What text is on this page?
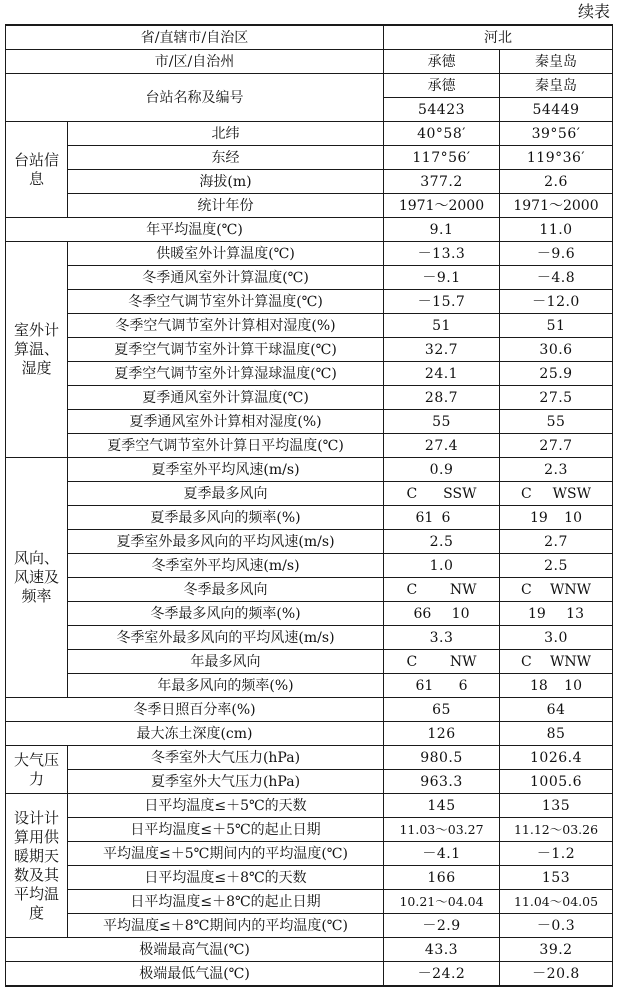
续表
省/直辖市/自治区		河北	
市/区/自治州		承德	秦皇岛
台站名称及编号		承德	秦皇岛
		54423	54449
台站信息	北纬	40°58′	39°56′
	东经	117°56′	119°36′
	海拔(m)	377.2	2.6
	统计年份	1971～2000	1971～2000
年平均温度(℃)		9.1	11.0
室外计算温、湿度	供暖室外计算温度(℃)	－13.3	－9.6
	冬季通风室外计算温度(℃)	－9.1	－4.8
	冬季空气调节室外计算温度(℃)	－15.7	－12.0
	冬季空气调节室外计算相对湿度(%)	51	51
	夏季空气调节室外计算干球温度(℃)	32.7	30.6
	夏季空气调节室外计算湿球温度(℃)	24.1	25.9
	夏季通风室外计算温度(℃)	28.7	27.5
	夏季通风室外计算相对湿度(%)	55	55
	夏季空气调节室外计算日平均温度(℃)	27.4	27.7
风向、风速及频率	夏季室外平均风速(m/s)	0.9	2.3
	夏季最多风向	C SSW	C WSW
	夏季最多风向的频率(%)	61 6	19 10
	夏季室外最多风向的平均风速(m/s)	2.5	2.7
	冬季室外平均风速(m/s)	1.0	2.5
	冬季最多风向	C NW	C WNW
	冬季最多风向的频率(%)	66 10	19 13
	冬季室外最多风向的平均风速(m/s)	3.3	3.0
	年最多风向	C NW	C WNW
	年最多风向的频率(%)	61 6	18 10
冬季日照百分率(%)		65	64
最大冻土深度(cm)		126	85
大气压力	冬季室外大气压力(hPa)	980.5	1026.4
	夏季室外大气压力(hPa)	963.3	1005.6
设计计算用供暖期天数及其平均温度	日平均温度≤＋5℃的天数	145	135
	日平均温度≤＋5℃的起止日期	11.03～03.27	11.12～03.26
	平均温度≤＋5℃期间内的平均温度(℃)	－4.1	－1.2
	日平均温度≤＋8℃的天数	166	153
	日平均温度≤＋8℃的起止日期	10.21～04.04	11.04～04.05
	平均温度≤＋8℃期间内的平均温度(℃)	－2.9	－0.3
极端最高气温(℃)		43.3	39.2
极端最低气温(℃)		－24.2	－20.8
